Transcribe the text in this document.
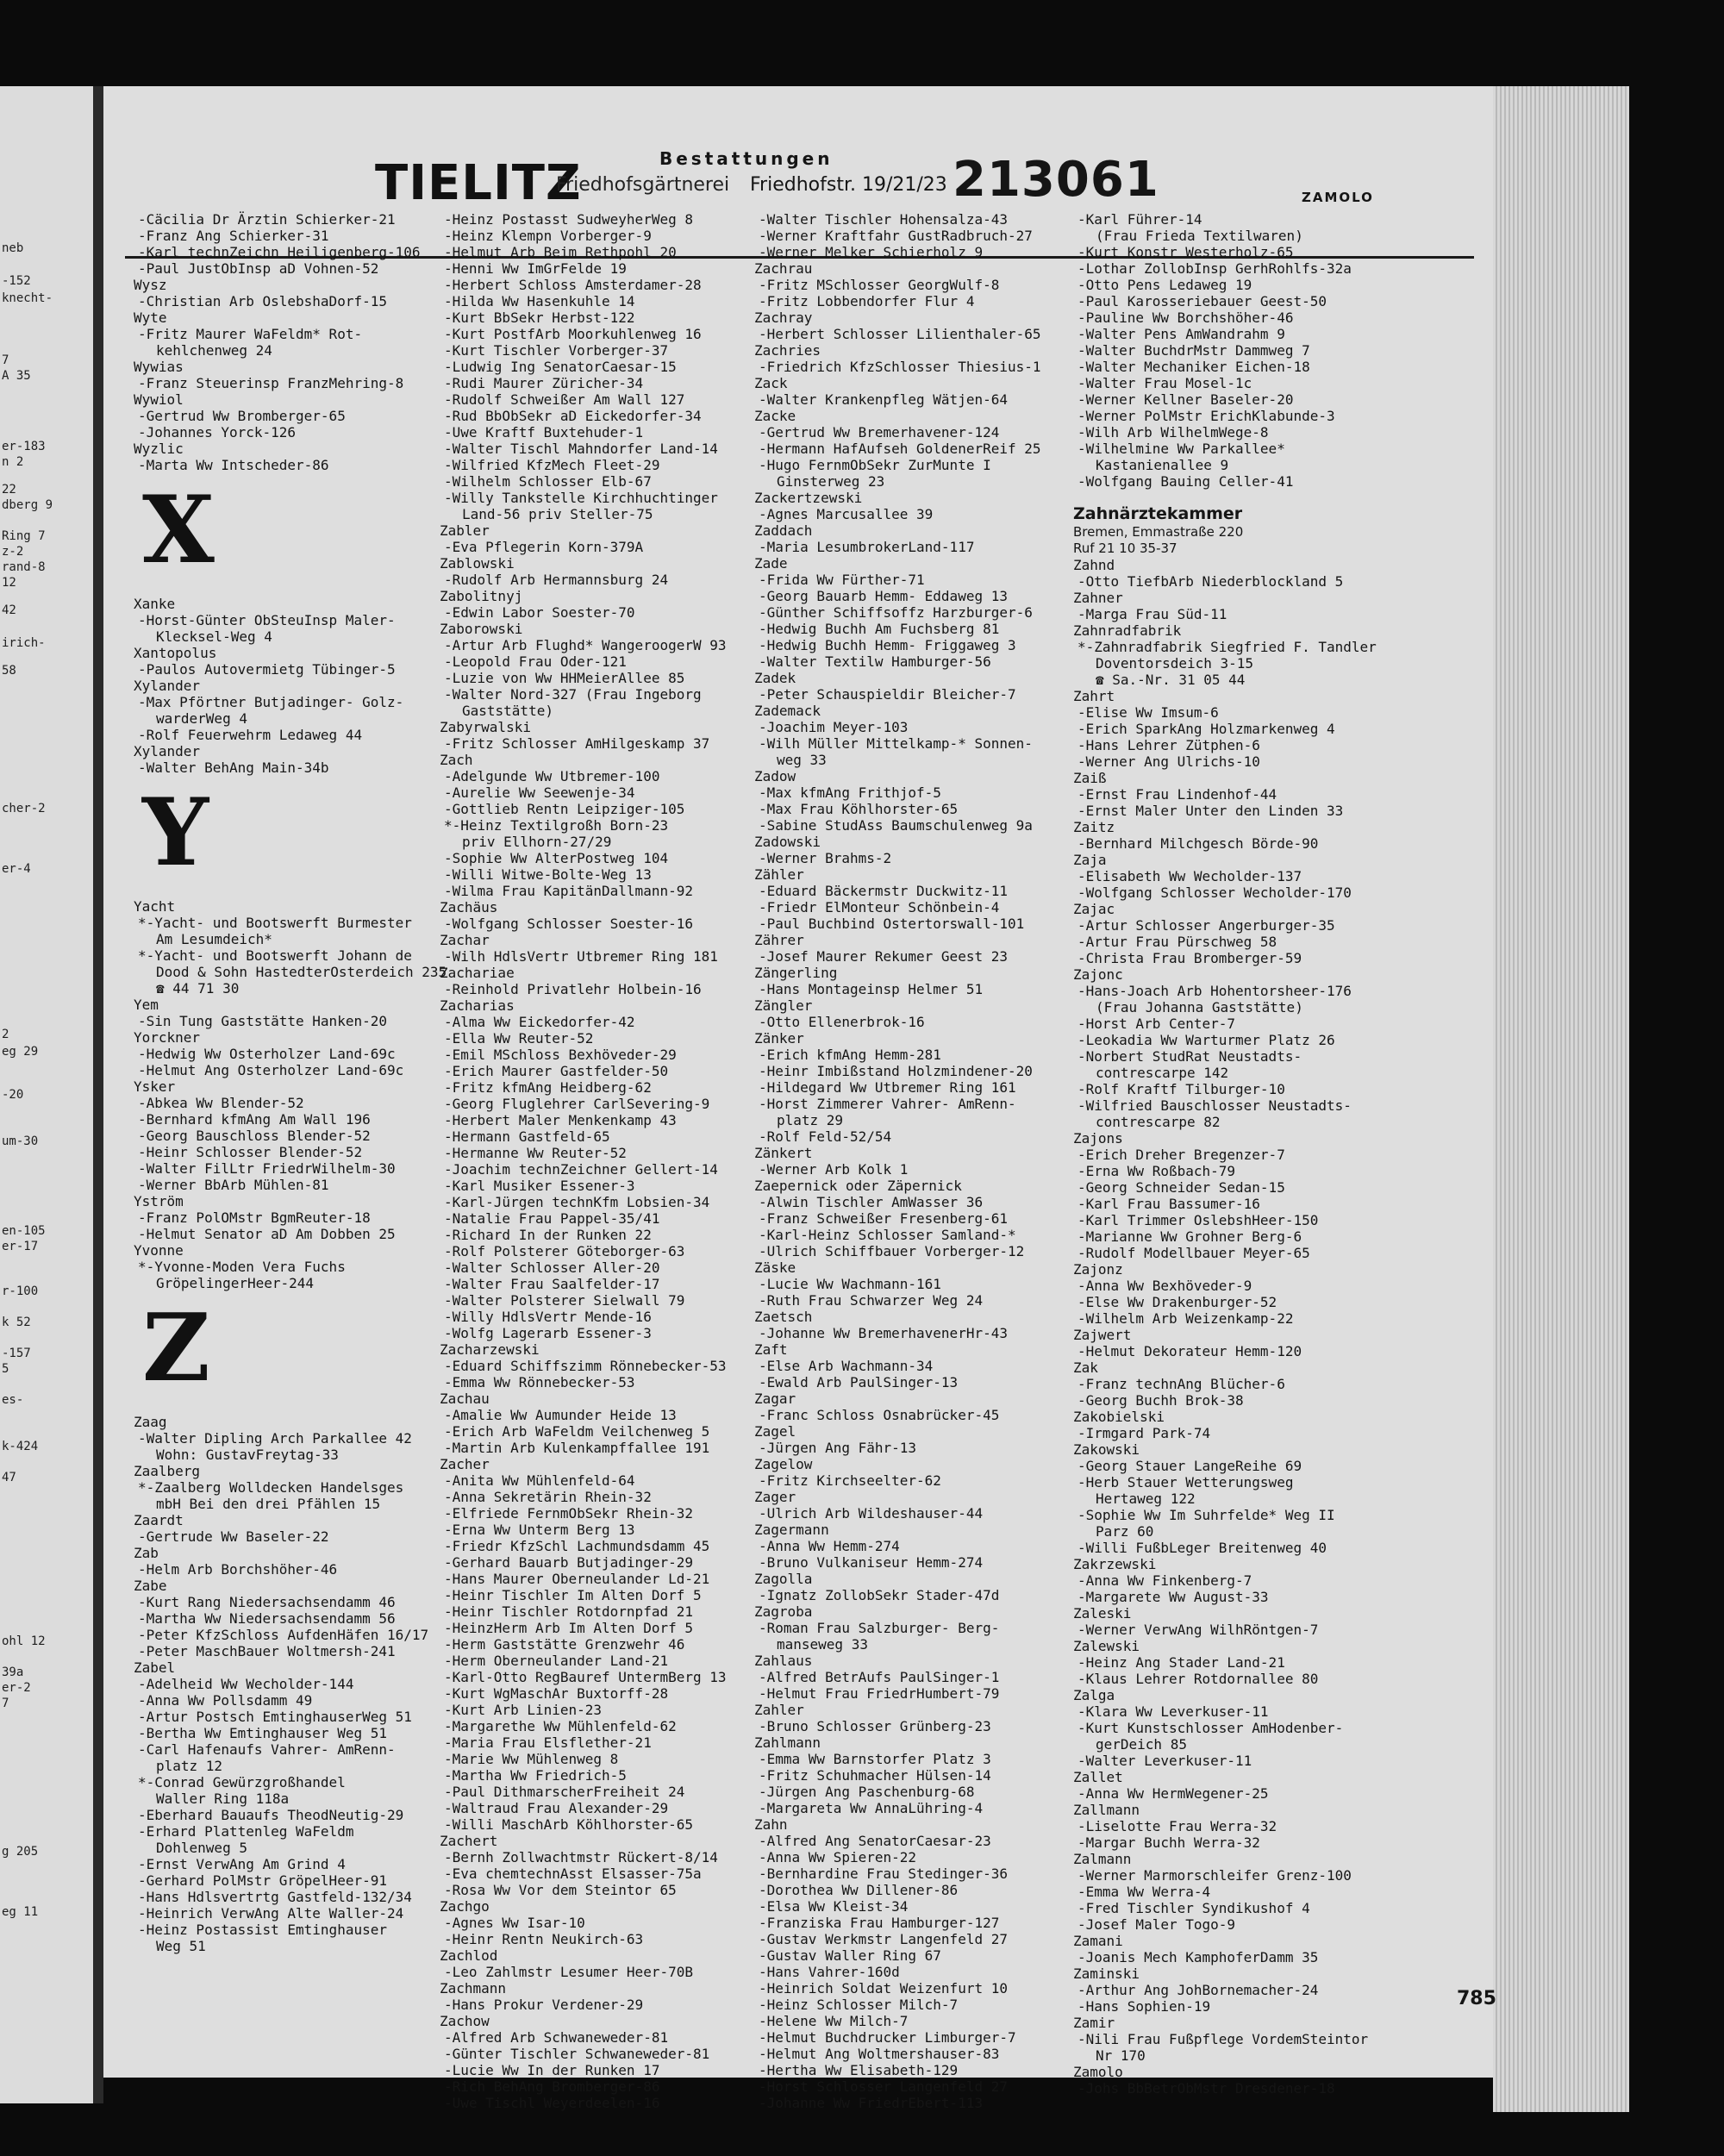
neb
-152
knecht-
7
A 35
er-183
n 2
22
dberg 9
Ring 7
z-2
rand-8
12
42
irich-
58
cher-2
er-4
2
eg 29
-20
um-30
en-105
er-17
r-100
k 52
-157
5
es-
k-424
47
ohl 12
39a
er-2
7
g 205
eg 11
TIELITZ	Bestattungen
Friedhofsgärtnerei Friedhofstr. 19/21/23 213061	ZAMOLO
-Cäcilia Dr Ärztin Schierker-21
-Franz Ang Schierker-31
-Karl technZeichn Heiligenberg-106
-Paul JustObInsp aD Vohnen-52
Wysz
-Christian Arb OslebshaDorf-15
Wyte
-Fritz Maurer WaFeldm* Rot-
kehlchenweg 24
Wywias
-Franz Steuerinsp FranzMehring-8
Wywiol
-Gertrud Ww Bromberger-65
-Johannes Yorck-126
Wyzlic
-Marta Ww Intscheder-86
X
Xanke
-Horst-Günter ObSteuInsp Maler-
Klecksel-Weg 4
Xantopolus
-Paulos Autovermietg Tübinger-5
Xylander
-Max Pförtner Butjadinger- Golz-
warderWeg 4
-Rolf Feuerwehrm Ledaweg 44
Xylander
-Walter BehAng Main-34b
Y
Yacht
*-Yacht- und Bootswerft Burmester
Am Lesumdeich*
*-Yacht- und Bootswerft Johann de
Dood & Sohn HastedterOsterdeich 235
☎ 44 71 30
Yem
-Sin Tung Gaststätte Hanken-20
Yorckner
-Hedwig Ww Osterholzer Land-69c
-Helmut Ang Osterholzer Land-69c
Ysker
-Abkea Ww Blender-52
-Bernhard kfmAng Am Wall 196
-Georg Bauschloss Blender-52
-Heinr Schlosser Blender-52
-Walter FilLtr FriedrWilhelm-30
-Werner BbArb Mühlen-81
Yström
-Franz PolOMstr BgmReuter-18
-Helmut Senator aD Am Dobben 25
Yvonne
*-Yvonne-Moden Vera Fuchs
GröpelingerHeer-244
Z
Zaag
-Walter Dipling Arch Parkallee 42
Wohn: GustavFreytag-33
Zaalberg
*-Zaalberg Wolldecken Handelsges
mbH Bei den drei Pfählen 15
Zaardt
-Gertrude Ww Baseler-22
Zab
-Helm Arb Borchshöher-46
Zabe
-Kurt Rang Niedersachsendamm 46
-Martha Ww Niedersachsendamm 56
-Peter KfzSchloss AufdenHäfen 16/17
-Peter MaschBauer Woltmersh-241
Zabel
-Adelheid Ww Wecholder-144
-Anna Ww Pollsdamm 49
-Artur Postsch EmtinghauserWeg 51
-Bertha Ww Emtinghauser Weg 51
-Carl Hafenaufs Vahrer- AmRenn-
platz 12
*-Conrad Gewürzgroßhandel
Waller Ring 118a
-Eberhard Bauaufs TheodNeutig-29
-Erhard Plattenleg WaFeldm
Dohlenweg 5
-Ernst VerwAng Am Grind 4
-Gerhard PolMstr GröpelHeer-91
-Hans Hdlsvertrtg Gastfeld-132/34
-Heinrich VerwAng Alte Waller-24
-Heinz Postassist Emtinghauser
Weg 51
-Heinz Postasst SudweyherWeg 8
-Heinz Klempn Vorberger-9
-Helmut Arb Beim Rethpohl 20
-Henni Ww ImGrFelde 19
-Herbert Schloss Amsterdamer-28
-Hilda Ww Hasenkuhle 14
-Kurt BbSekr Herbst-122
-Kurt PostfArb Moorkuhlenweg 16
-Kurt Tischler Vorberger-37
-Ludwig Ing SenatorCaesar-15
-Rudi Maurer Züricher-34
-Rudolf Schweißer Am Wall 127
-Rud BbObSekr aD Eickedorfer-34
-Uwe Kraftf Buxtehuder-1
-Walter Tischl Mahndorfer Land-14
-Wilfried KfzMech Fleet-29
-Wilhelm Schlosser Elb-67
-Willy Tankstelle Kirchhuchtinger
Land-56 priv Steller-75
Zabler
-Eva Pflegerin Korn-379A
Zablowski
-Rudolf Arb Hermannsburg 24
Zabolitnyj
-Edwin Labor Soester-70
Zaborowski
-Artur Arb Flughd* WangeroogerW 93
-Leopold Frau Oder-121
-Luzie von Ww HHMeierAllee 85
-Walter Nord-327 (Frau Ingeborg
Gaststätte)
Zabyrwalski
-Fritz Schlosser AmHilgeskamp 37
Zach
-Adelgunde Ww Utbremer-100
-Aurelie Ww Seewenje-34
-Gottlieb Rentn Leipziger-105
*-Heinz Textilgroßh Born-23
priv Ellhorn-27/29
-Sophie Ww AlterPostweg 104
-Willi Witwe-Bolte-Weg 13
-Wilma Frau KapitänDallmann-92
Zachäus
-Wolfgang Schlosser Soester-16
Zachar
-Wilh HdlsVertr Utbremer Ring 181
Zachariae
-Reinhold Privatlehr Holbein-16
Zacharias
-Alma Ww Eickedorfer-42
-Ella Ww Reuter-52
-Emil MSchloss Bexhöveder-29
-Erich Maurer Gastfelder-50
-Fritz kfmAng Heidberg-62
-Georg Fluglehrer CarlSevering-9
-Herbert Maler Menkenkamp 43
-Hermann Gastfeld-65
-Hermanne Ww Reuter-52
-Joachim technZeichner Gellert-14
-Karl Musiker Essener-3
-Karl-Jürgen technKfm Lobsien-34
-Natalie Frau Pappel-35/41
-Richard In der Runken 22
-Rolf Polsterer Göteborger-63
-Walter Schlosser Aller-20
-Walter Frau Saalfelder-17
-Walter Polsterer Sielwall 79
-Willy HdlsVertr Mende-16
-Wolfg Lagerarb Essener-3
Zacharzewski
-Eduard Schiffszimm Rönnebecker-53
-Emma Ww Rönnebecker-53
Zachau
-Amalie Ww Aumunder Heide 13
-Erich Arb WaFeldm Veilchenweg 5
-Martin Arb Kulenkampffallee 191
Zacher
-Anita Ww Mühlenfeld-64
-Anna Sekretärin Rhein-32
-Elfriede FernmObSekr Rhein-32
-Erna Ww Unterm Berg 13
-Friedr KfzSchl Lachmundsdamm 45
-Gerhard Bauarb Butjadinger-29
-Hans Maurer Oberneulander Ld-21
-Heinr Tischler Im Alten Dorf 5
-Heinr Tischler Rotdornpfad 21
-HeinzHerm Arb Im Alten Dorf 5
-Herm Gaststätte Grenzwehr 46
-Herm Oberneulander Land-21
-Karl-Otto RegBauref UntermBerg 13
-Kurt WgMaschAr Buxtorff-28
-Kurt Arb Linien-23
-Margarethe Ww Mühlenfeld-62
-Maria Frau Elsflether-21
-Marie Ww Mühlenweg 8
-Martha Ww Friedrich-5
-Paul DithmarscherFreiheit 24
-Waltraud Frau Alexander-29
-Willi MaschArb Köhlhorster-65
Zachert
-Bernh Zollwachtmstr Rückert-8/14
-Eva chemtechnAsst Elsasser-75a
-Rosa Ww Vor dem Steintor 65
Zachgo
-Agnes Ww Isar-10
-Heinr Rentn Neukirch-63
Zachlod
-Leo Zahlmstr Lesumer Heer-70B
Zachmann
-Hans Prokur Verdener-29
Zachow
-Alfred Arb Schwaneweder-81
-Günter Tischler Schwaneweder-81
-Lucie Ww In der Runken 17
-Rich BehAng Bromberger-86
-Uwe Tischl Weyerdeelen-16
-Walter Tischler Hohensalza-43
-Werner Kraftfahr GustRadbruch-27
-Werner Melker Schierholz 9
Zachrau
-Fritz MSchlosser GeorgWulf-8
-Fritz Lobbendorfer Flur 4
Zachray
-Herbert Schlosser Lilienthaler-65
Zachries
-Friedrich KfzSchlosser Thiesius-1
Zack
-Walter Krankenpfleg Wätjen-64
Zacke
-Gertrud Ww Bremerhavener-124
-Hermann HafAufseh GoldenerReif 25
-Hugo FernmObSekr ZurMunte I
Ginsterweg 23
Zackertzewski
-Agnes Marcusallee 39
Zaddach
-Maria LesumbrokerLand-117
Zade
-Frida Ww Fürther-71
-Georg Bauarb Hemm- Eddaweg 13
-Günther Schiffsoffz Harzburger-6
-Hedwig Buchh Am Fuchsberg 81
-Hedwig Buchh Hemm- Friggaweg 3
-Walter Textilw Hamburger-56
Zadek
-Peter Schauspieldir Bleicher-7
Zademack
-Joachim Meyer-103
-Wilh Müller Mittelkamp-* Sonnen-
weg 33
Zadow
-Max kfmAng Frithjof-5
-Max Frau Köhlhorster-65
-Sabine StudAss Baumschulenweg 9a
Zadowski
-Werner Brahms-2
Zähler
-Eduard Bäckermstr Duckwitz-11
-Friedr ElMonteur Schönbein-4
-Paul Buchbind Ostertorswall-101
Zährer
-Josef Maurer Rekumer Geest 23
Zängerling
-Hans Montageinsp Helmer 51
Zängler
-Otto Ellenerbrok-16
Zänker
-Erich kfmAng Hemm-281
-Heinr Imbißstand Holzmindener-20
-Hildegard Ww Utbremer Ring 161
-Horst Zimmerer Vahrer- AmRenn-
platz 29
-Rolf Feld-52/54
Zänkert
-Werner Arb Kolk 1
Zaepernick oder Zäpernick
-Alwin Tischler AmWasser 36
-Franz Schweißer Fresenberg-61
-Karl-Heinz Schlosser Samland-*
-Ulrich Schiffbauer Vorberger-12
Zäske
-Lucie Ww Wachmann-161
-Ruth Frau Schwarzer Weg 24
Zaetsch
-Johanne Ww BremerhavenerHr-43
Zaft
-Else Arb Wachmann-34
-Ewald Arb PaulSinger-13
Zagar
-Franc Schloss Osnabrücker-45
Zagel
-Jürgen Ang Fähr-13
Zagelow
-Fritz Kirchseelter-62
Zager
-Ulrich Arb Wildeshauser-44
Zagermann
-Anna Ww Hemm-274
-Bruno Vulkaniseur Hemm-274
Zagolla
-Ignatz ZollobSekr Stader-47d
Zagroba
-Roman Frau Salzburger- Berg-
manseweg 33
Zahlaus
-Alfred BetrAufs PaulSinger-1
-Helmut Frau FriedrHumbert-79
Zahler
-Bruno Schlosser Grünberg-23
Zahlmann
-Emma Ww Barnstorfer Platz 3
-Fritz Schuhmacher Hülsen-14
-Jürgen Ang Paschenburg-68
-Margareta Ww AnnaLühring-4
Zahn
-Alfred Ang SenatorCaesar-23
-Anna Ww Spieren-22
-Bernhardine Frau Stedinger-36
-Dorothea Ww Dillener-86
-Elsa Ww Kleist-34
-Franziska Frau Hamburger-127
-Gustav Werkmstr Langenfeld 27
-Gustav Waller Ring 67
-Hans Vahrer-160d
-Heinrich Soldat Weizenfurt 10
-Heinz Schlosser Milch-7
-Helene Ww Milch-7
-Helmut Buchdrucker Limburger-7
-Helmut Ang Woltmershauser-83
-Hertha Ww Elisabeth-129
-Horst Schlosser Langenfeld 27
-Johanne Ww FriedrEbert-113
-Karl Führer-14
(Frau Frieda Textilwaren)
-Kurt Konstr Westerholz-65
-Lothar ZollobInsp GerhRohlfs-32a
-Otto Pens Ledaweg 19
-Paul Karosseriebauer Geest-50
-Pauline Ww Borchshöher-46
-Walter Pens AmWandrahm 9
-Walter BuchdrMstr Dammweg 7
-Walter Mechaniker Eichen-18
-Walter Frau Mosel-1c
-Werner Kellner Baseler-20
-Werner PolMstr ErichKlabunde-3
-Wilh Arb WilhelmWege-8
-Wilhelmine Ww Parkallee*
Kastanienallee 9
-Wolfgang Bauing Celler-41
Zahnärztekammer
Bremen, Emmastraße 220
Ruf 21 10 35-37
Zahnd
-Otto TiefbArb Niederblockland 5
Zahner
-Marga Frau Süd-11
Zahnradfabrik
*-Zahnradfabrik Siegfried F. Tandler
Doventorsdeich 3-15
☎ Sa.-Nr. 31 05 44
Zahrt
-Elise Ww Imsum-6
-Erich SparkAng Holzmarkenweg 4
-Hans Lehrer Zütphen-6
-Werner Ang Ulrichs-10
Zaiß
-Ernst Frau Lindenhof-44
-Ernst Maler Unter den Linden 33
Zaitz
-Bernhard Milchgesch Börde-90
Zaja
-Elisabeth Ww Wecholder-137
-Wolfgang Schlosser Wecholder-170
Zajac
-Artur Schlosser Angerburger-35
-Artur Frau Pürschweg 58
-Christa Frau Bromberger-59
Zajonc
-Hans-Joach Arb Hohentorsheer-176
(Frau Johanna Gaststätte)
-Horst Arb Center-7
-Leokadia Ww Warturmer Platz 26
-Norbert StudRat Neustadts-
contrescarpe 142
-Rolf Kraftf Tilburger-10
-Wilfried Bauschlosser Neustadts-
contrescarpe 82
Zajons
-Erich Dreher Bregenzer-7
-Erna Ww Roßbach-79
-Georg Schneider Sedan-15
-Karl Frau Bassumer-16
-Karl Trimmer OslebshHeer-150
-Marianne Ww Grohner Berg-6
-Rudolf Modellbauer Meyer-65
Zajonz
-Anna Ww Bexhöveder-9
-Else Ww Drakenburger-52
-Wilhelm Arb Weizenkamp-22
Zajwert
-Helmut Dekorateur Hemm-120
Zak
-Franz technAng Blücher-6
-Georg Buchh Brok-38
Zakobielski
-Irmgard Park-74
Zakowski
-Georg Stauer LangeReihe 69
-Herb Stauer Wetterungsweg
Hertaweg 122
-Sophie Ww Im Suhrfelde* Weg II
Parz 60
-Willi FußbLeger Breitenweg 40
Zakrzewski
-Anna Ww Finkenberg-7
-Margarete Ww August-33
Zaleski
-Werner VerwAng WilhRöntgen-7
Zalewski
-Heinz Ang Stader Land-21
-Klaus Lehrer Rotdornallee 80
Zalga
-Klara Ww Leverkuser-11
-Kurt Kunstschlosser AmHodenber-
gerDeich 85
-Walter Leverkuser-11
Zallet
-Anna Ww HermWegener-25
Zallmann
-Liselotte Frau Werra-32
-Margar Buchh Werra-32
Zalmann
-Werner Marmorschleifer Grenz-100
-Emma Ww Werra-4
-Fred Tischler Syndikushof 4
-Josef Maler Togo-9
Zamani
-Joanis Mech KamphoferDamm 35
Zaminski
-Arthur Ang JohBornemacher-24
-Hans Sophien-19
Zamir
-Nili Frau Fußpflege VordemSteintor
Nr 170
Zamolo
-Johs BbBetrObMstr Dresdener-18
785
